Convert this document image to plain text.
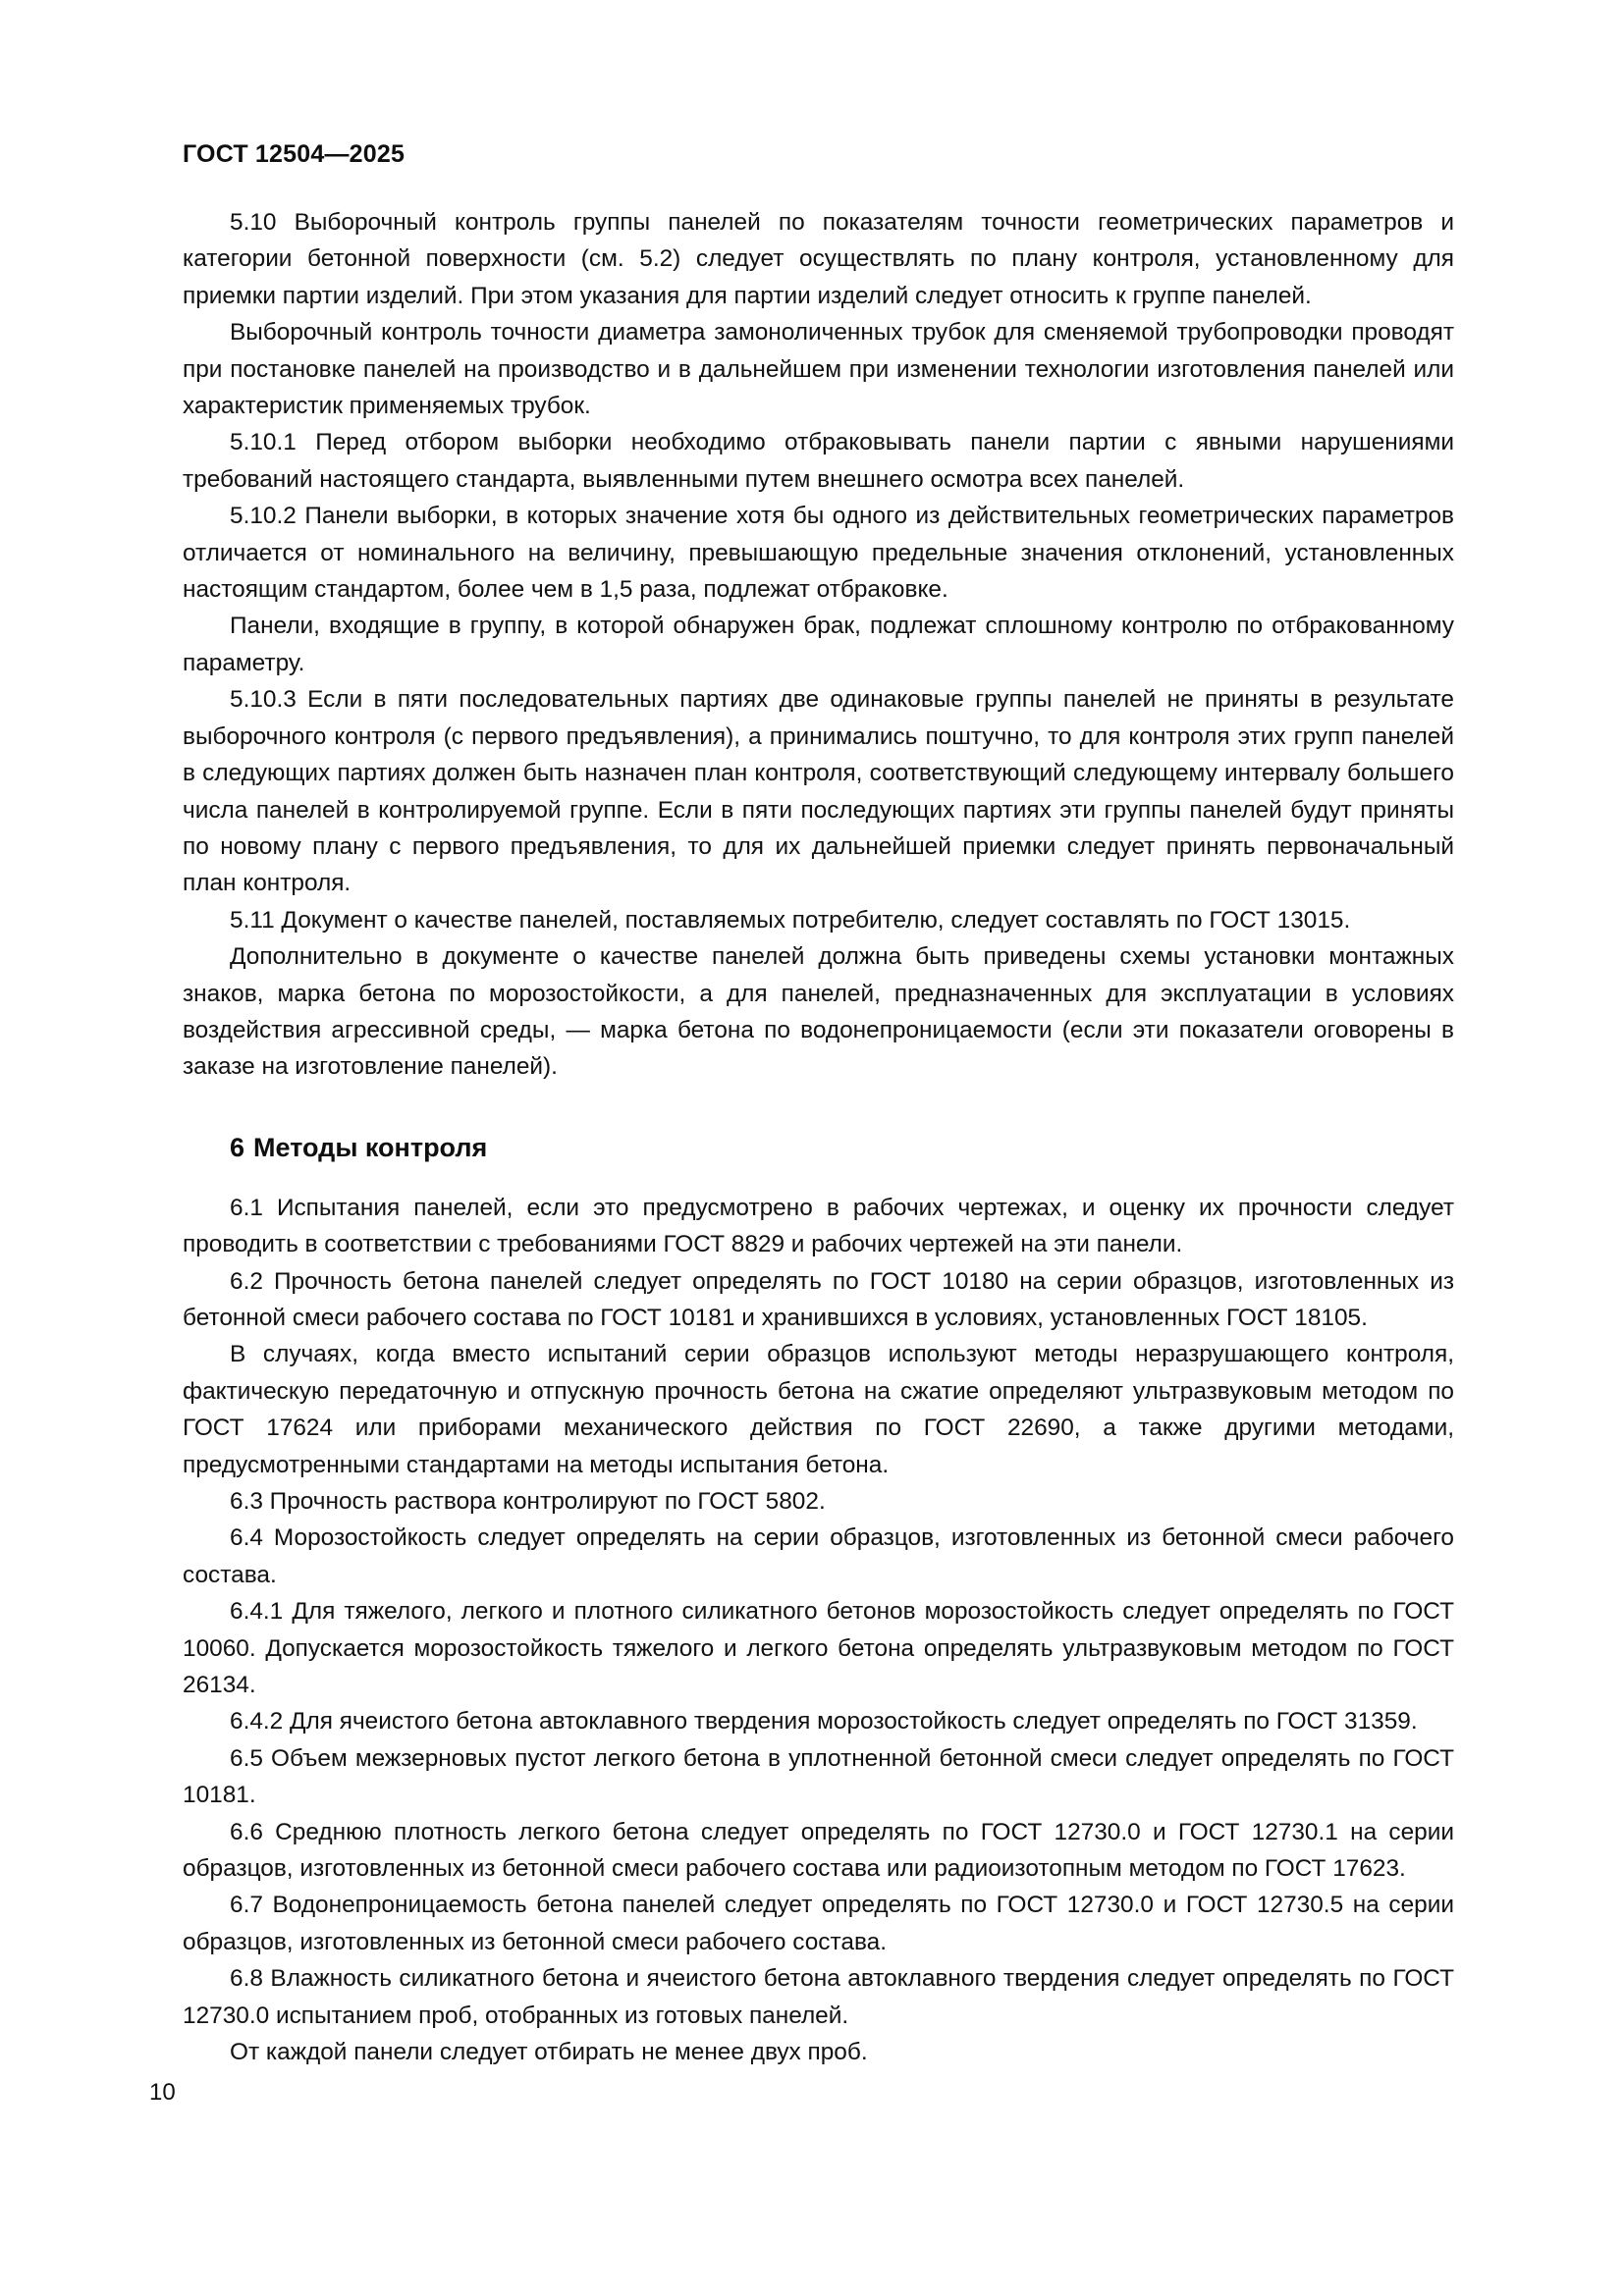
ГОСТ 12504—2025

5.10 Выборочный контроль группы панелей по показателям точности геометрических параметров и категории бетонной поверхности (см. 5.2) следует осуществлять по плану контроля, установленному для приемки партии изделий. При этом указания для партии изделий следует относить к группе панелей.

Выборочный контроль точности диаметра замоноличенных трубок для сменяемой трубопроводки проводят при постановке панелей на производство и в дальнейшем при изменении технологии изготовления панелей или характеристик применяемых трубок.

5.10.1 Перед отбором выборки необходимо отбраковывать панели партии с явными нарушениями требований настоящего стандарта, выявленными путем внешнего осмотра всех панелей.

5.10.2 Панели выборки, в которых значение хотя бы одного из действительных геометрических параметров отличается от номинального на величину, превышающую предельные значения отклонений, установленных настоящим стандартом, более чем в 1,5 раза, подлежат отбраковке.

Панели, входящие в группу, в которой обнаружен брак, подлежат сплошному контролю по отбракованному параметру.

5.10.3 Если в пяти последовательных партиях две одинаковые группы панелей не приняты в результате выборочного контроля (с первого предъявления), а принимались поштучно, то для контроля этих групп панелей в следующих партиях должен быть назначен план контроля, соответствующий следующему интервалу большего числа панелей в контролируемой группе. Если в пяти последующих партиях эти группы панелей будут приняты по новому плану с первого предъявления, то для их дальнейшей приемки следует принять первоначальный план контроля.

5.11 Документ о качестве панелей, поставляемых потребителю, следует составлять по ГОСТ 13015.

Дополнительно в документе о качестве панелей должна быть приведены схемы установки монтажных знаков, марка бетона по морозостойкости, а для панелей, предназначенных для эксплуатации в условиях воздействия агрессивной среды, — марка бетона по водонепроницаемости (если эти показатели оговорены в заказе на изготовление панелей).

6 Методы контроля

6.1 Испытания панелей, если это предусмотрено в рабочих чертежах, и оценку их прочности следует проводить в соответствии с требованиями ГОСТ 8829 и рабочих чертежей на эти панели.

6.2 Прочность бетона панелей следует определять по ГОСТ 10180 на серии образцов, изготовленных из бетонной смеси рабочего состава по ГОСТ 10181 и хранившихся в условиях, установленных ГОСТ 18105.

В случаях, когда вместо испытаний серии образцов используют методы неразрушающего контроля, фактическую передаточную и отпускную прочность бетона на сжатие определяют ультразвуковым методом по ГОСТ 17624 или приборами механического действия по ГОСТ 22690, а также другими методами, предусмотренными стандартами на методы испытания бетона.

6.3 Прочность раствора контролируют по ГОСТ 5802.

6.4 Морозостойкость следует определять на серии образцов, изготовленных из бетонной смеси рабочего состава.

6.4.1 Для тяжелого, легкого и плотного силикатного бетонов морозостойкость следует определять по ГОСТ 10060. Допускается морозостойкость тяжелого и легкого бетона определять ультразвуковым методом по ГОСТ 26134.

6.4.2 Для ячеистого бетона автоклавного твердения морозостойкость следует определять по ГОСТ 31359.

6.5 Объем межзерновых пустот легкого бетона в уплотненной бетонной смеси следует определять по ГОСТ 10181.

6.6 Среднюю плотность легкого бетона следует определять по ГОСТ 12730.0 и ГОСТ 12730.1 на серии образцов, изготовленных из бетонной смеси рабочего состава или радиоизотопным методом по ГОСТ 17623.

6.7 Водонепроницаемость бетона панелей следует определять по ГОСТ 12730.0 и ГОСТ 12730.5 на серии образцов, изготовленных из бетонной смеси рабочего состава.

6.8 Влажность силикатного бетона и ячеистого бетона автоклавного твердения следует определять по ГОСТ 12730.0 испытанием проб, отобранных из готовых панелей.

От каждой панели следует отбирать не менее двух проб.

10
